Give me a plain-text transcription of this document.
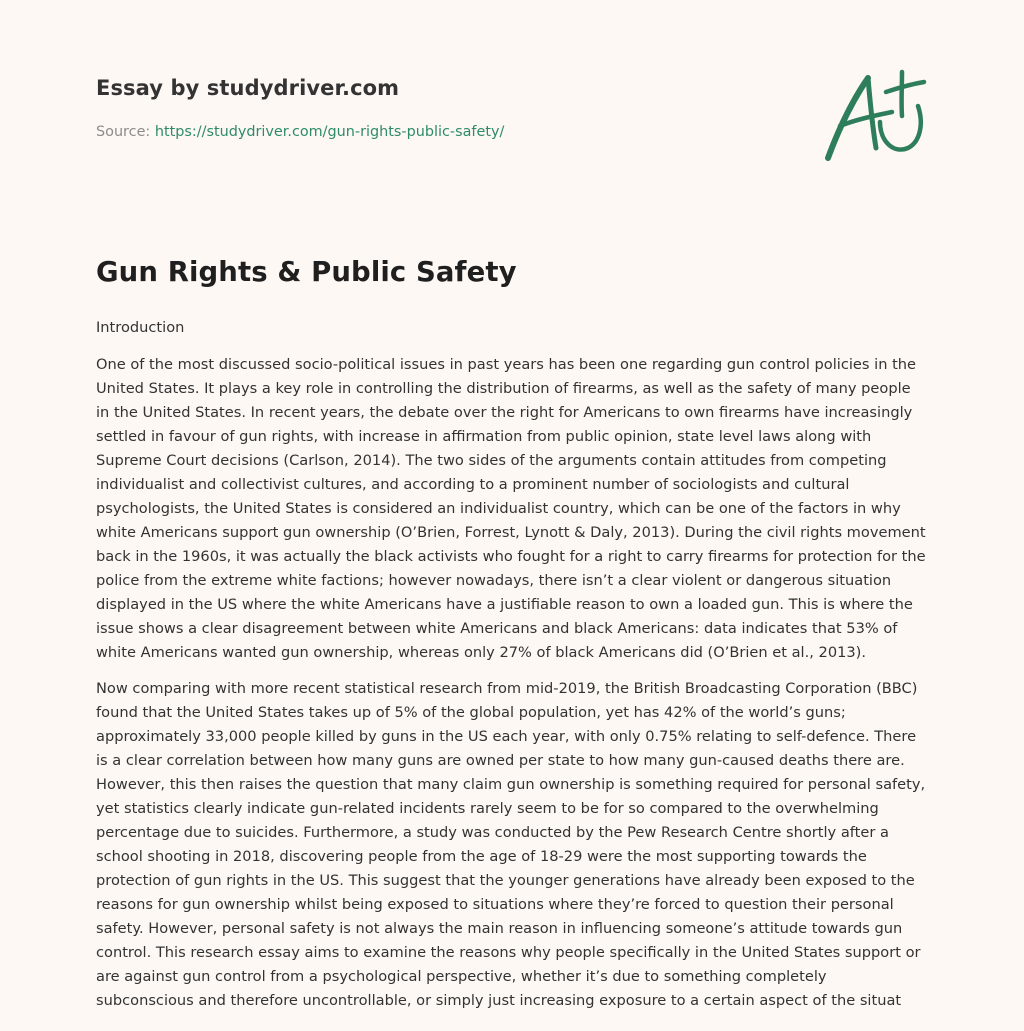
Essay by studydriver.com
Source: https://studydriver.com/gun-rights-public-safety/
Gun Rights & Public Safety
Introduction

One of the most discussed socio-political issues in past years has been one regarding gun control policies in the United States. It plays a key role in controlling the distribution of firearms, as well as the safety of many people in the United States. In recent years, the debate over the right for Americans to own firearms have increasingly settled in favour of gun rights, with increase in affirmation from public opinion, state level laws along with Supreme Court decisions (Carlson, 2014). The two sides of the arguments contain attitudes from competing individualist and collectivist cultures, and according to a prominent number of sociologists and cultural psychologists, the United States is considered an individualist country, which can be one of the factors in why white Americans support gun ownership (O’Brien, Forrest, Lynott & Daly, 2013). During the civil rights movement back in the 1960s, it was actually the black activists who fought for a right to carry firearms for protection for the police from the extreme white factions; however nowadays, there isn’t a clear violent or dangerous situation displayed in the US where the white Americans have a justifiable reason to own a loaded gun. This is where the issue shows a clear disagreement between white Americans and black Americans: data indicates that 53% of white Americans wanted gun ownership, whereas only 27% of black Americans did (O’Brien et al., 2013).

Now comparing with more recent statistical research from mid-2019, the British Broadcasting Corporation (BBC) found that the United States takes up of 5% of the global population, yet has 42% of the world’s guns; approximately 33,000 people killed by guns in the US each year, with only 0.75% relating to self-defence. There is a clear correlation between how many guns are owned per state to how many gun-caused deaths there are. However, this then raises the question that many claim gun ownership is something required for personal safety, yet statistics clearly indicate gun-related incidents rarely seem to be for so compared to the overwhelming percentage due to suicides. Furthermore, a study was conducted by the Pew Research Centre shortly after a school shooting in 2018, discovering people from the age of 18-29 were the most supporting towards the protection of gun rights in the US. This suggest that the younger generations have already been exposed to the reasons for gun ownership whilst being exposed to situations where they’re forced to question their personal safety. However, personal safety is not always the main reason in influencing someone’s attitude towards gun control. This research essay aims to examine the reasons why people specifically in the United States support or are against gun control from a psychological perspective, whether it’s due to something completely subconscious and therefore uncontrollable, or simply just increasing exposure to a certain aspect of the situat
